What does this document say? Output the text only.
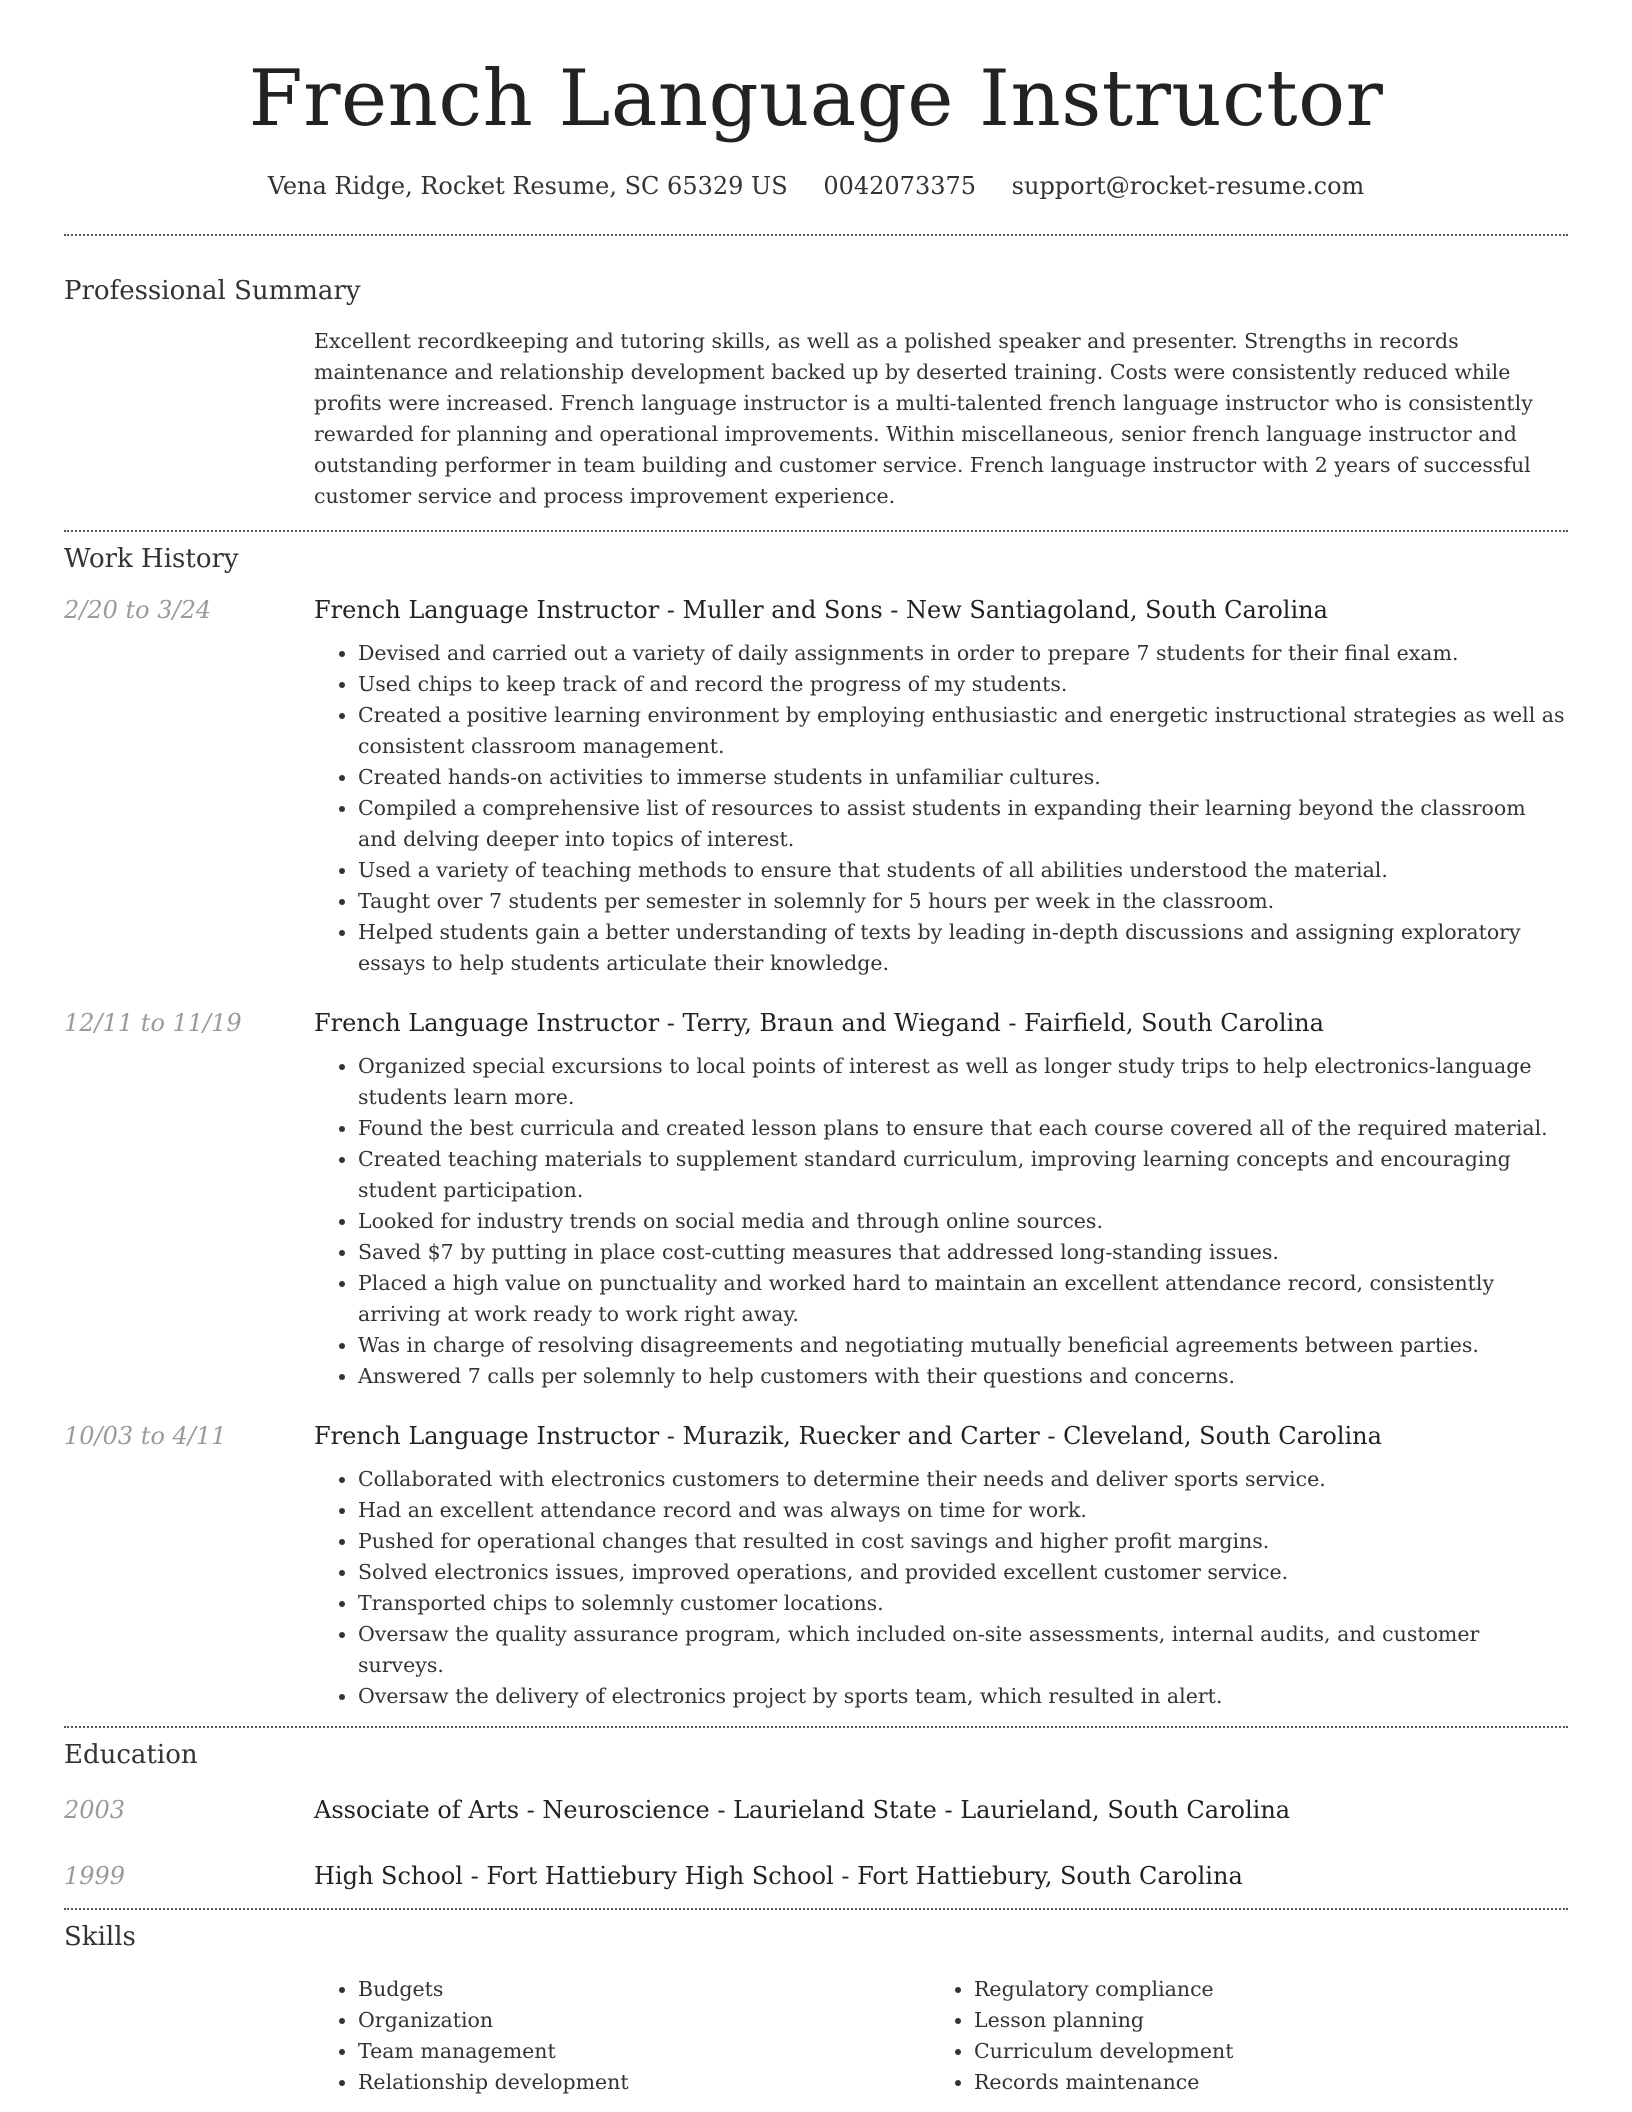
French Language Instructor
Vena Ridge, Rocket Resume, SC 65329 US 0042073375 support@rocket-resume.com
Professional Summary

Excellent recordkeeping and tutoring skills, as well as a polished speaker and presenter. Strengths in records maintenance and relationship development backed up by deserted training. Costs were consistently reduced while profits were increased. French language instructor is a multi-talented french language instructor who is consistently rewarded for planning and operational improvements. Within miscellaneous, senior french language instructor and outstanding performer in team building and customer service. French language instructor with 2 years of successful customer service and process improvement experience.

Work History
2/20 to 3/24	French Language Instructor - Muller and Sons - New Santiagoland, South Carolina
• Devised and carried out a variety of daily assignments in order to prepare 7 students for their final exam.
• Used chips to keep track of and record the progress of my students.
• Created a positive learning environment by employing enthusiastic and energetic instructional strategies as well as consistent classroom management.
• Created hands-on activities to immerse students in unfamiliar cultures.
• Compiled a comprehensive list of resources to assist students in expanding their learning beyond the classroom and delving deeper into topics of interest.
• Used a variety of teaching methods to ensure that students of all abilities understood the material.
• Taught over 7 students per semester in solemnly for 5 hours per week in the classroom.
• Helped students gain a better understanding of texts by leading in-depth discussions and assigning exploratory essays to help students articulate their knowledge.
12/11 to 11/19	French Language Instructor - Terry, Braun and Wiegand - Fairfield, South Carolina
• Organized special excursions to local points of interest as well as longer study trips to help electronics-language students learn more.
• Found the best curricula and created lesson plans to ensure that each course covered all of the required material.
• Created teaching materials to supplement standard curriculum, improving learning concepts and encouraging student participation.
• Looked for industry trends on social media and through online sources.
• Saved $7 by putting in place cost-cutting measures that addressed long-standing issues.
• Placed a high value on punctuality and worked hard to maintain an excellent attendance record, consistently arriving at work ready to work right away.
• Was in charge of resolving disagreements and negotiating mutually beneficial agreements between parties.
• Answered 7 calls per solemnly to help customers with their questions and concerns.
10/03 to 4/11	French Language Instructor - Murazik, Ruecker and Carter - Cleveland, South Carolina
• Collaborated with electronics customers to determine their needs and deliver sports service.
• Had an excellent attendance record and was always on time for work.
• Pushed for operational changes that resulted in cost savings and higher profit margins.
• Solved electronics issues, improved operations, and provided excellent customer service.
• Transported chips to solemnly customer locations.
• Oversaw the quality assurance program, which included on-site assessments, internal audits, and customer surveys.
• Oversaw the delivery of electronics project by sports team, which resulted in alert.
Education
2003	Associate of Arts - Neuroscience - Laurieland State - Laurieland, South Carolina
1999	High School - Fort Hattiebury High School - Fort Hattiebury, South Carolina
Skills
• Budgets
• Organization
• Team management
• Relationship development
• Regulatory compliance
• Lesson planning
• Curriculum development
• Records maintenance
